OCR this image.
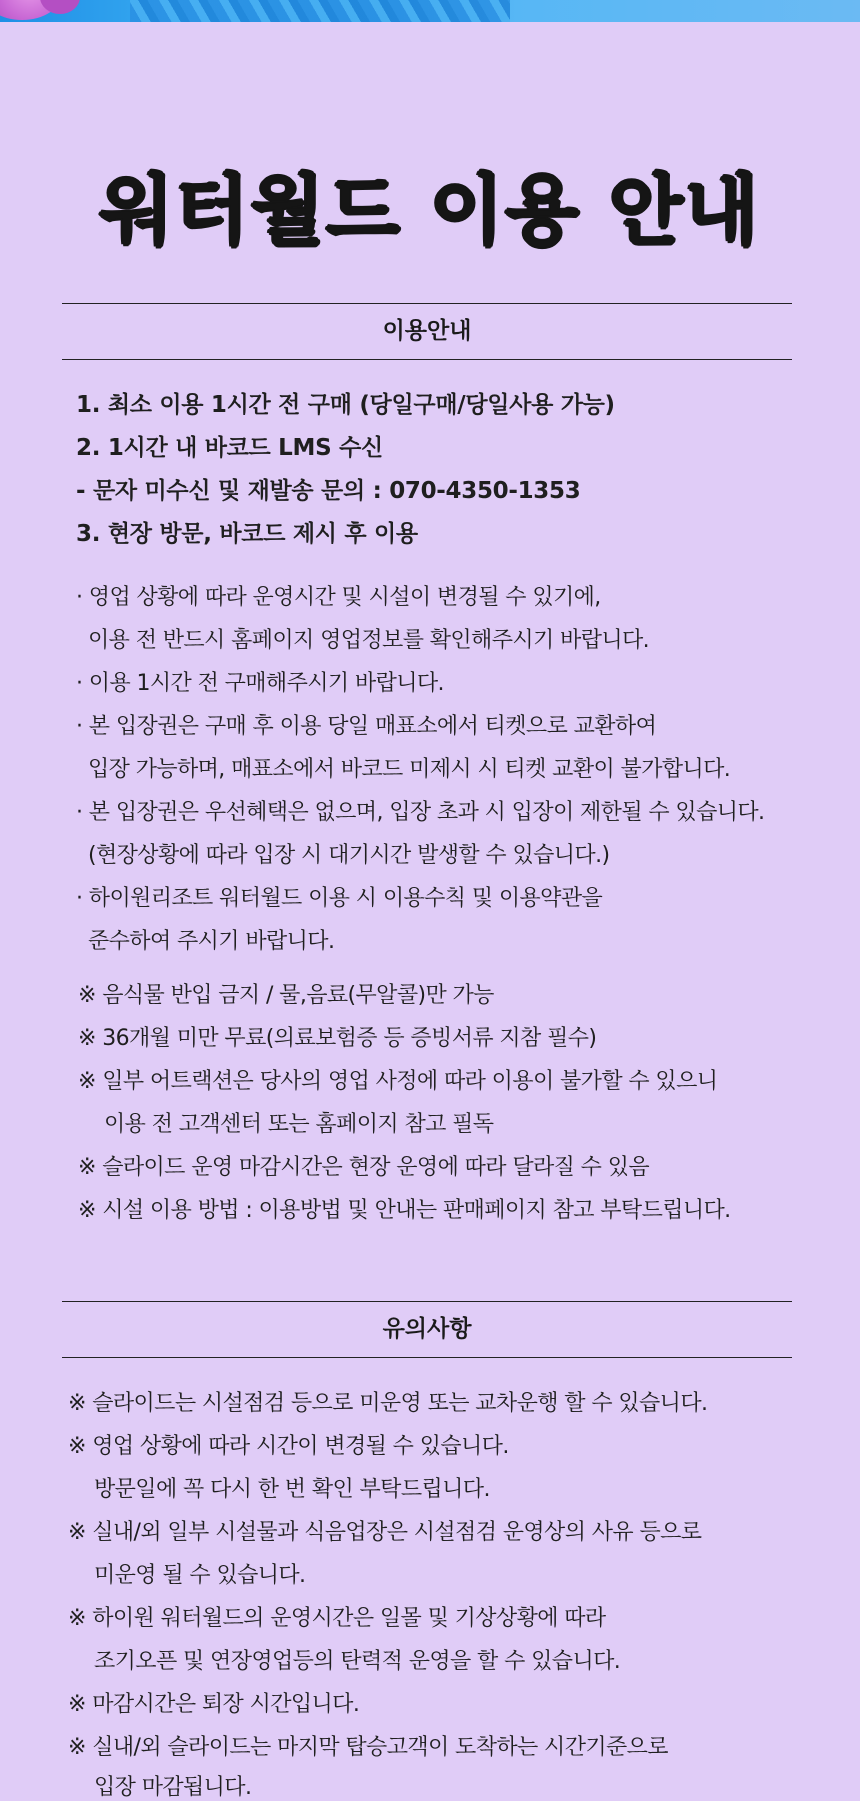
워터월드 이용 안내
이용안내
1. 최소 이용 1시간 전 구매 (당일구매/당일사용 가능)
2. 1시간 내 바코드 LMS 수신
- 문자 미수신 및 재발송 문의 : 070-4350-1353
3. 현장 방문, 바코드 제시 후 이용
· 영업 상황에 따라 운영시간 및 시설이 변경될 수 있기에,
이용 전 반드시 홈페이지 영업정보를 확인해주시기 바랍니다.
· 이용 1시간 전 구매해주시기 바랍니다.
· 본 입장권은 구매 후 이용 당일 매표소에서 티켓으로 교환하여
입장 가능하며, 매표소에서 바코드 미제시 시 티켓 교환이 불가합니다.
· 본 입장권은 우선혜택은 없으며, 입장 초과 시 입장이 제한될 수 있습니다.
(현장상황에 따라 입장 시 대기시간 발생할 수 있습니다.)
· 하이원리조트 워터월드 이용 시 이용수칙 및 이용약관을
준수하여 주시기 바랍니다.
※ 음식물 반입 금지 / 물,음료(무알콜)만 가능
※ 36개월 미만 무료(의료보험증 등 증빙서류 지참 필수)
※ 일부 어트랙션은 당사의 영업 사정에 따라 이용이 불가할 수 있으니
이용 전 고객센터 또는 홈페이지 참고 필독
※ 슬라이드 운영 마감시간은 현장 운영에 따라 달라질 수 있음
※ 시설 이용 방법 : 이용방법 및 안내는 판매페이지 참고 부탁드립니다.
유의사항
※ 슬라이드는 시설점검 등으로 미운영 또는 교차운행 할 수 있습니다.
※ 영업 상황에 따라 시간이 변경될 수 있습니다.
방문일에 꼭 다시 한 번 확인 부탁드립니다.
※ 실내/외 일부 시설물과 식음업장은 시설점검 운영상의 사유 등으로
미운영 될 수 있습니다.
※ 하이원 워터월드의 운영시간은 일몰 및 기상상황에 따라
조기오픈 및 연장영업등의 탄력적 운영을 할 수 있습니다.
※ 마감시간은 퇴장 시간입니다.
※ 실내/외 슬라이드는 마지막 탑승고객이 도착하는 시간기준으로
입장 마감됩니다.
